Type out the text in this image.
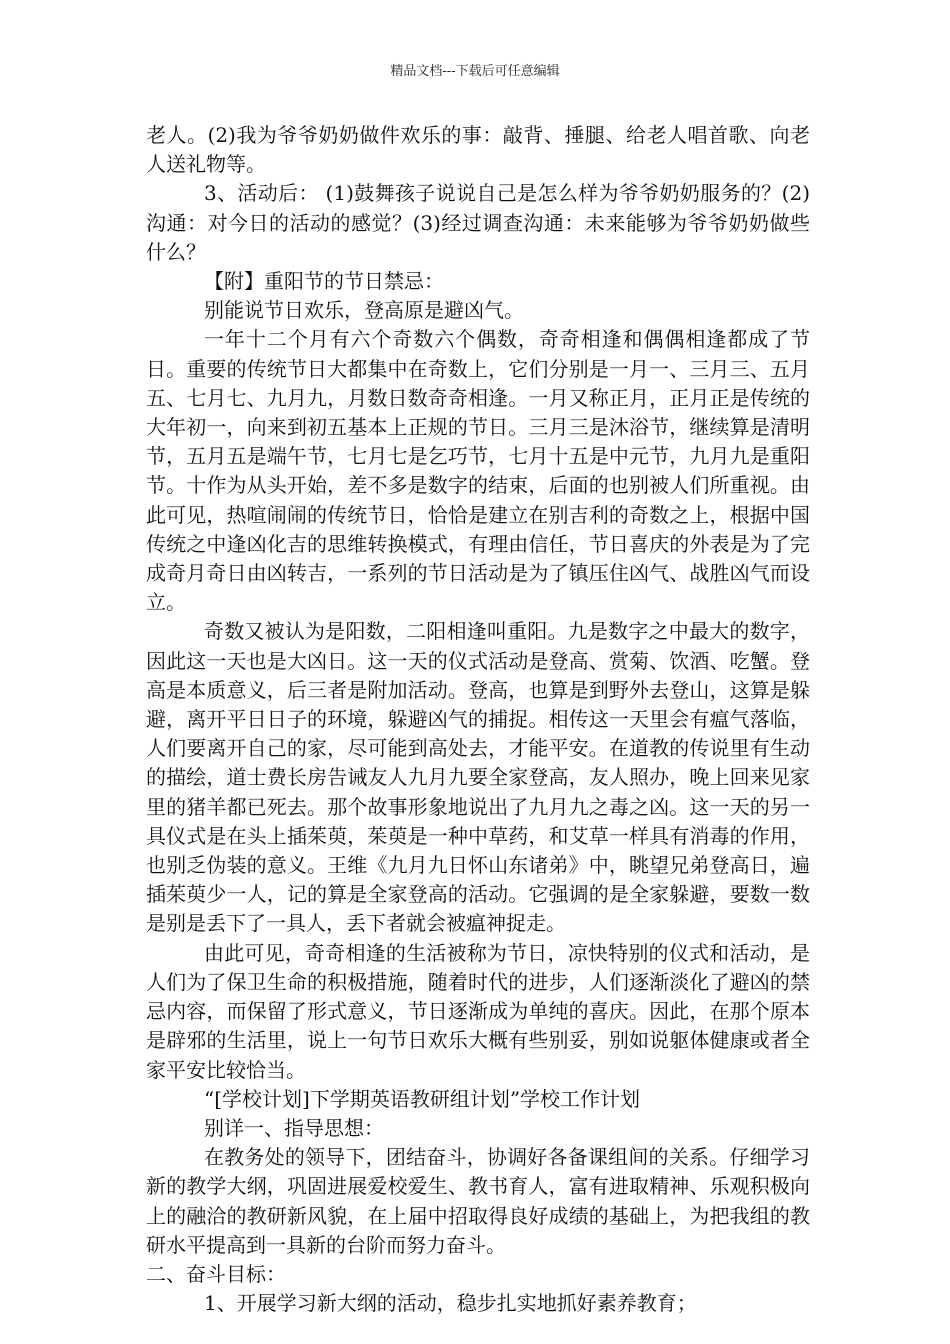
精品文档---下载后可任意编辑

老人。(2)我为爷爷奶奶做件欢乐的事：敲背、捶腿、给老人唱首歌、向老人送礼物等。

3、活动后： (1)鼓舞孩子说说自己是怎么样为爷爷奶奶服务的？(2)沟通：对今日的活动的感觉？(3)经过调查沟通：未来能够为爷爷奶奶做些什么？

【附】重阳节的节日禁忌：

别能说节日欢乐，登高原是避凶气。

一年十二个月有六个奇数六个偶数，奇奇相逢和偶偶相逢都成了节日。重要的传统节日大都集中在奇数上，它们分别是一月一、三月三、五月五、七月七、九月九，月数日数奇奇相逢。一月又称正月，正月正是传统的大年初一，向来到初五基本上正规的节日。三月三是沐浴节，继续算是清明节，五月五是端午节，七月七是乞巧节，七月十五是中元节，九月九是重阳节。十作为从头开始，差不多是数字的结束，后面的也别被人们所重视。由此可见，热喧闹闹的传统节日，恰恰是建立在别吉利的奇数之上，根据中国传统之中逢凶化吉的思维转换模式，有理由信任，节日喜庆的外表是为了完成奇月奇日由凶转吉，一系列的节日活动是为了镇压住凶气、战胜凶气而设立。

奇数又被认为是阳数，二阳相逢叫重阳。九是数字之中最大的数字，因此这一天也是大凶日。这一天的仪式活动是登高、赏菊、饮酒、吃蟹。登高是本质意义，后三者是附加活动。登高，也算是到野外去登山，这算是躲避，离开平日日子的环境，躲避凶气的捕捉。相传这一天里会有瘟气落临，人们要离开自己的家，尽可能到高处去，才能平安。在道教的传说里有生动的描绘，道士费长房告诫友人九月九要全家登高，友人照办，晚上回来见家里的猪羊都已死去。那个故事形象地说出了九月九之毒之凶。这一天的另一具仪式是在头上插茱萸，茱萸是一种中草药，和艾草一样具有消毒的作用，也别乏伪装的意义。王维《九月九日怀山东诸弟》中，眺望兄弟登高日，遍插茱萸少一人，记的算是全家登高的活动。它强调的是全家躲避，要数一数是别是丢下了一具人，丢下者就会被瘟神捉走。

由此可见，奇奇相逢的生活被称为节日，凉快特别的仪式和活动，是人们为了保卫生命的积极措施，随着时代的进步，人们逐渐淡化了避凶的禁忌内容，而保留了形式意义，节日逐渐成为单纯的喜庆。因此，在那个原本是辟邪的生活里，说上一句节日欢乐大概有些别妥，别如说躯体健康或者全家平安比较恰当。

“[学校计划]下学期英语教研组计划”学校工作计划

别详一、指导思想：

在教务处的领导下，团结奋斗，协调好各备课组间的关系。仔细学习新的教学大纲，巩固进展爱校爱生、教书育人，富有进取精神、乐观积极向上的融洽的教研新风貌，在上届中招取得良好成绩的基础上，为把我组的教研水平提高到一具新的台阶而努力奋斗。

二、奋斗目标：

1、开展学习新大纲的活动，稳步扎实地抓好素养教育；
